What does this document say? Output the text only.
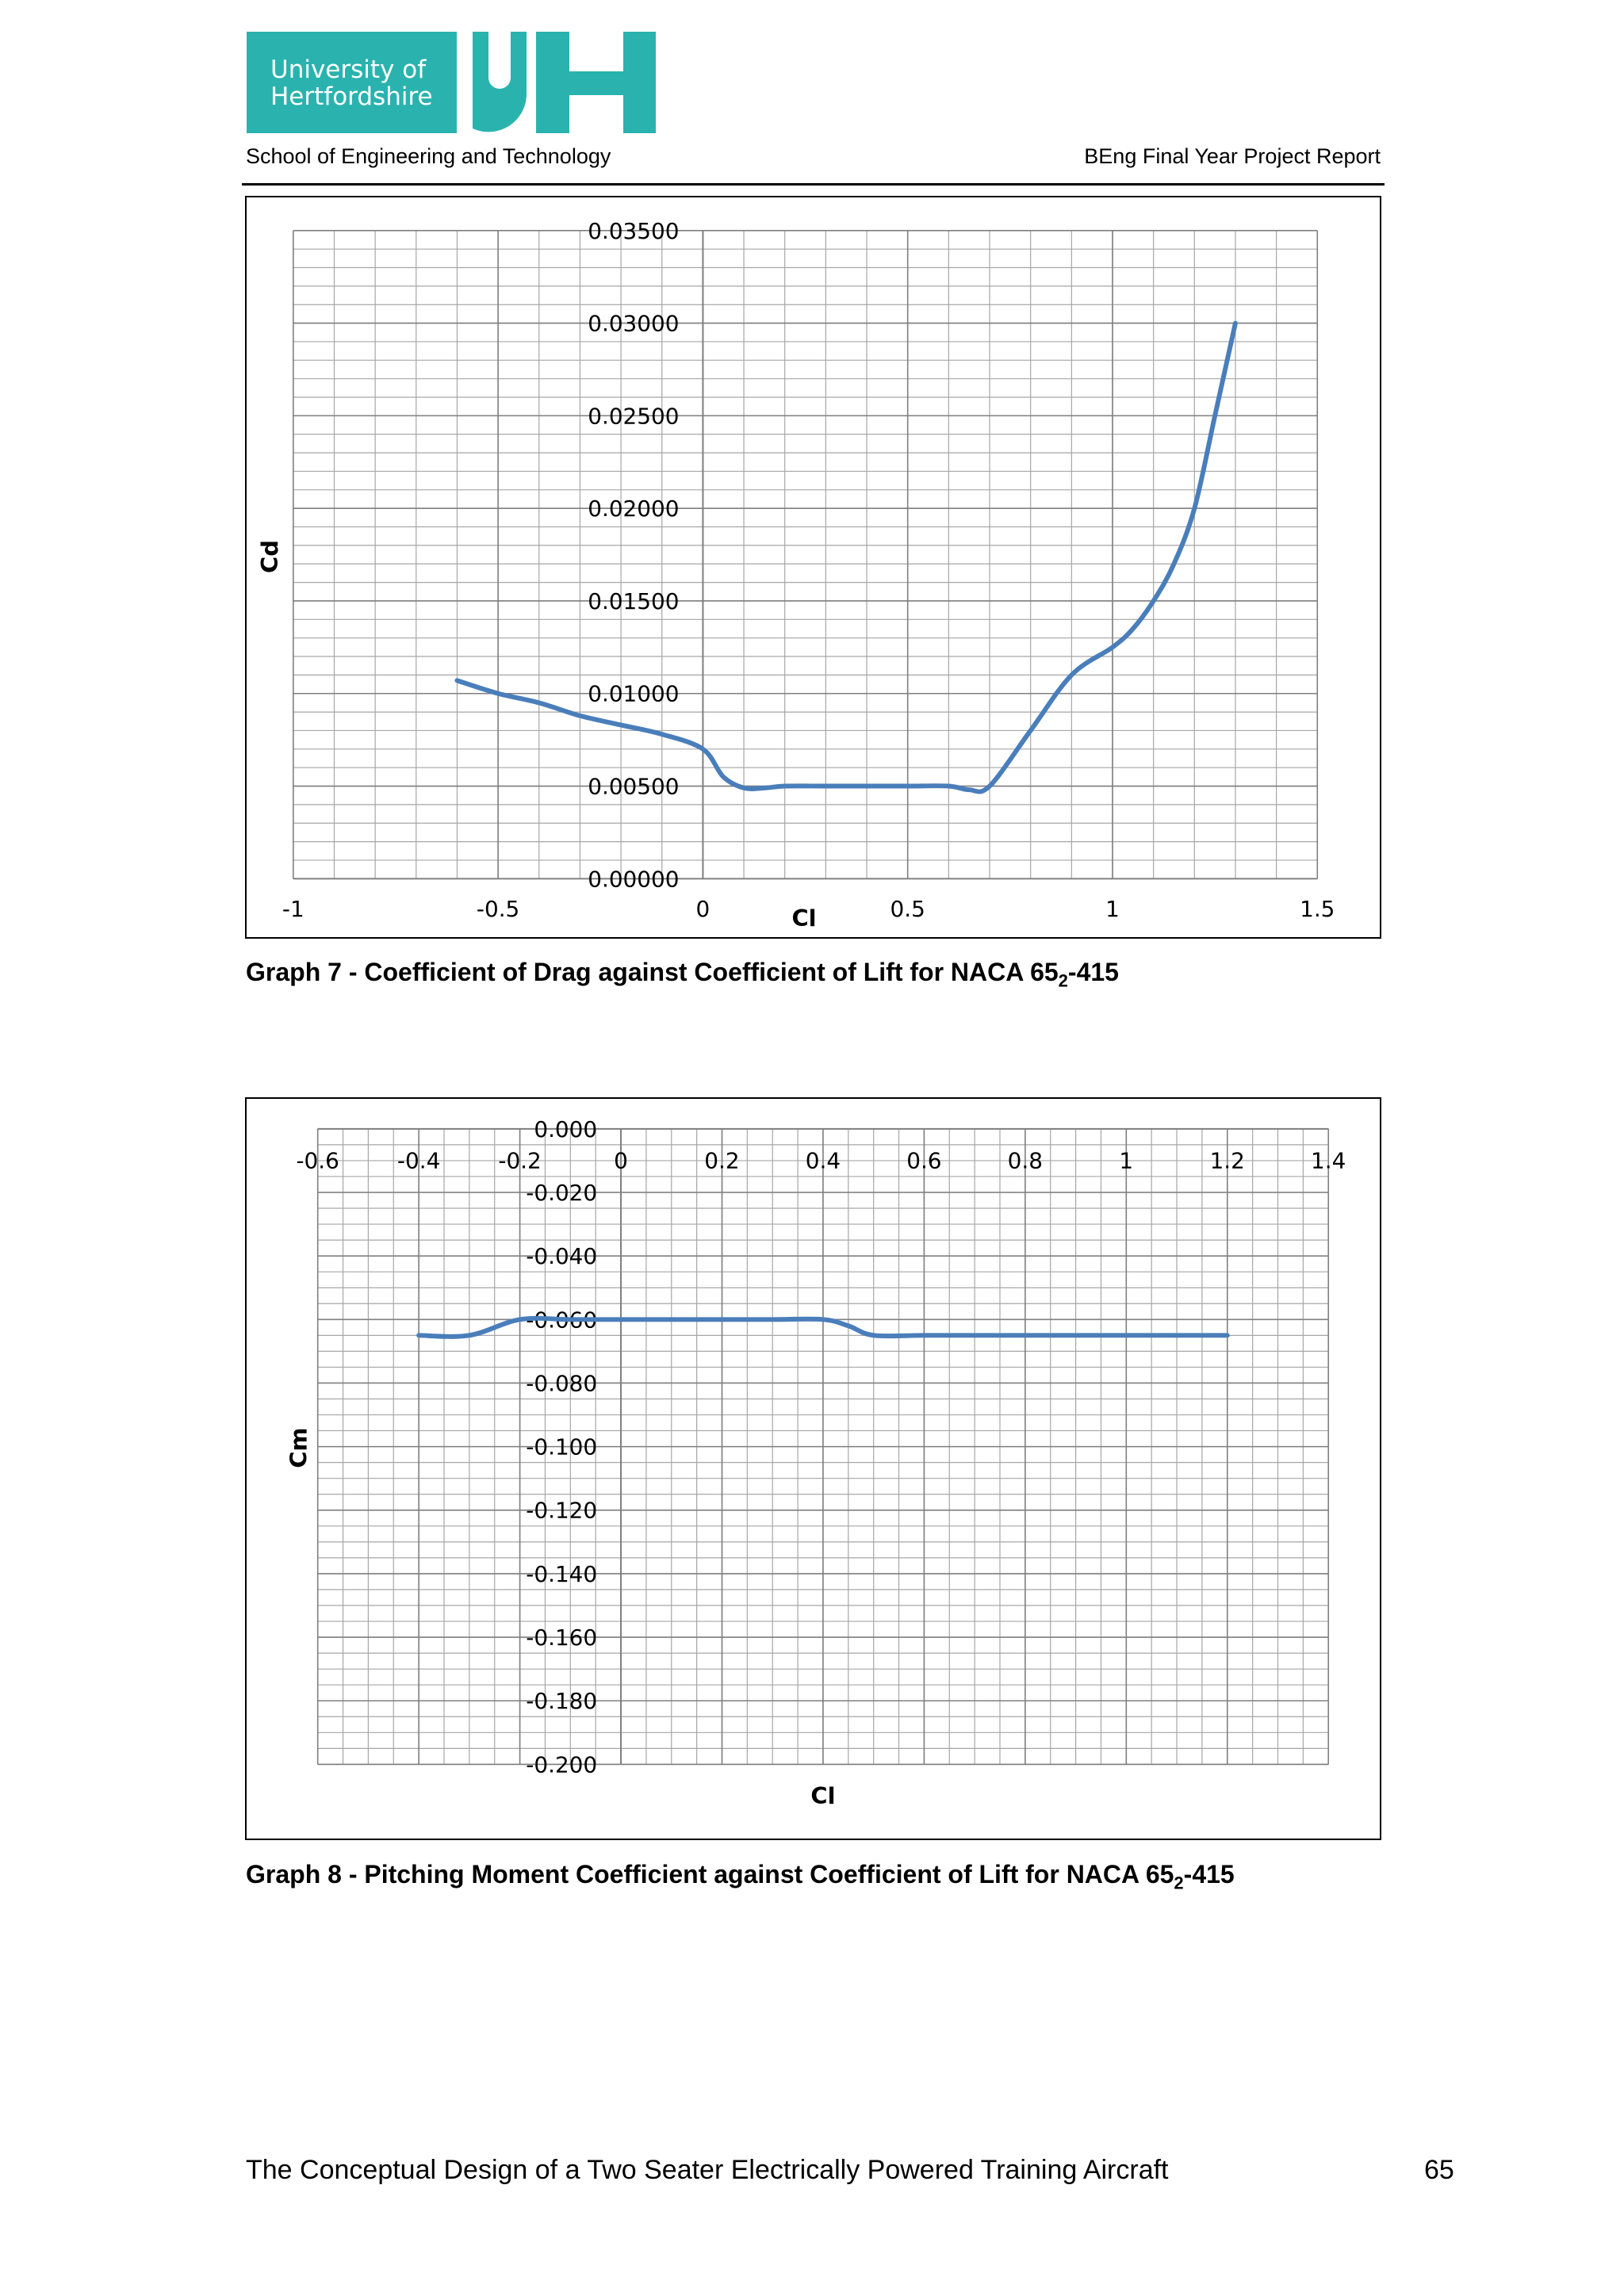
University of
Hertfordshire
School of Engineering and Technology	BEng Final Year Project Report
0.00000
0.00500
0.01000
0.01500
0.02000
0.02500
0.03000
0.03500
-1	-0.5	0	0.5	1	1.5
Cl
Cd
Graph 7 - Coefficient of Drag against Coefficient of Lift for NACA $65_2-415$
0.000
-0.020
-0.040
-0.060
-0.080
-0.100
-0.120
-0.140
-0.160
-0.180
-0.200
-0.6	-0.4	-0.2	0	0.2	0.4	0.6	0.8	1	1.2	1.4
Cl
Cm
Graph 8 - Pitching Moment Coefficient against Coefficient of Lift for NACA $65_2-415$
The Conceptual Design of a Two Seater Electrically Powered Training Aircraft	65
